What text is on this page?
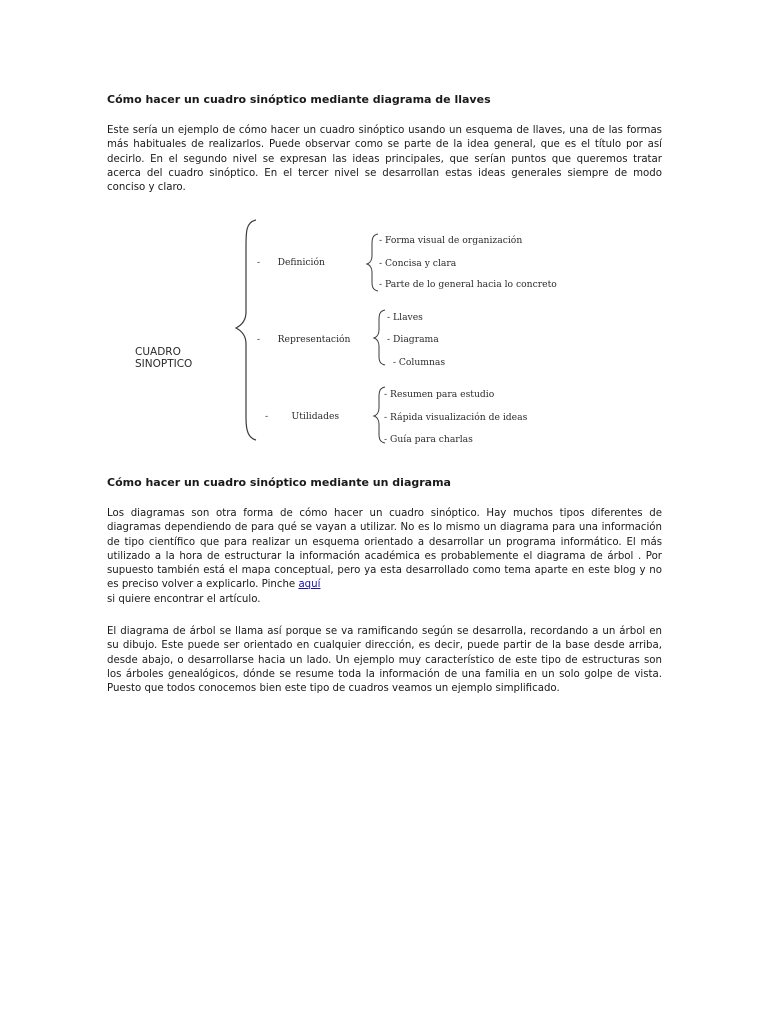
Cómo hacer un cuadro sinóptico mediante diagrama de llaves
Este sería un ejemplo de cómo hacer un cuadro sinóptico usando un esquema de llaves, una de las formas más habituales de realizarlos. Puede observar como se parte de la idea general, que es el título por así decirlo. En el segundo nivel se expresan las ideas principales, que serían puntos que queremos tratar acerca del cuadro sinóptico. En el tercer nivel se desarrollan estas ideas generales siempre de modo conciso y claro.
CUADRO
SINOPTICO
-      Definición
-      Representación
-        Utilidades
- Forma visual de organización
- Concisa y clara
- Parte de lo general hacia lo concreto
- Llaves
- Diagrama
- Columnas
- Resumen para estudio
- Rápida visualización de ideas
- Guía para charlas
Cómo hacer un cuadro sinóptico mediante un diagrama
Los diagramas son otra forma de cómo hacer un cuadro sinóptico. Hay muchos tipos diferentes de diagramas dependiendo de para qué se vayan a utilizar. No es lo mismo un diagrama para una información de tipo científico que para realizar un esquema orientado a desarrollar un programa informático. El más utilizado a la hora de estructurar la información académica es probablemente el diagrama de árbol . Por supuesto también está el mapa conceptual, pero ya esta desarrollado como tema aparte en este blog y no es preciso volver a explicarlo. Pinche aquí
si quiere encontrar el artículo.
El diagrama de árbol se llama así porque se va ramificando según se desarrolla, recordando a un árbol en su dibujo. Este puede ser orientado en cualquier dirección, es decir, puede partir de la base desde arriba, desde abajo, o desarrollarse hacia un lado. Un ejemplo muy característico de este tipo de estructuras son los árboles genealógicos, dónde se resume toda la información de una familia en un solo golpe de vista. Puesto que todos conocemos bien este tipo de cuadros veamos un ejemplo simplificado.
